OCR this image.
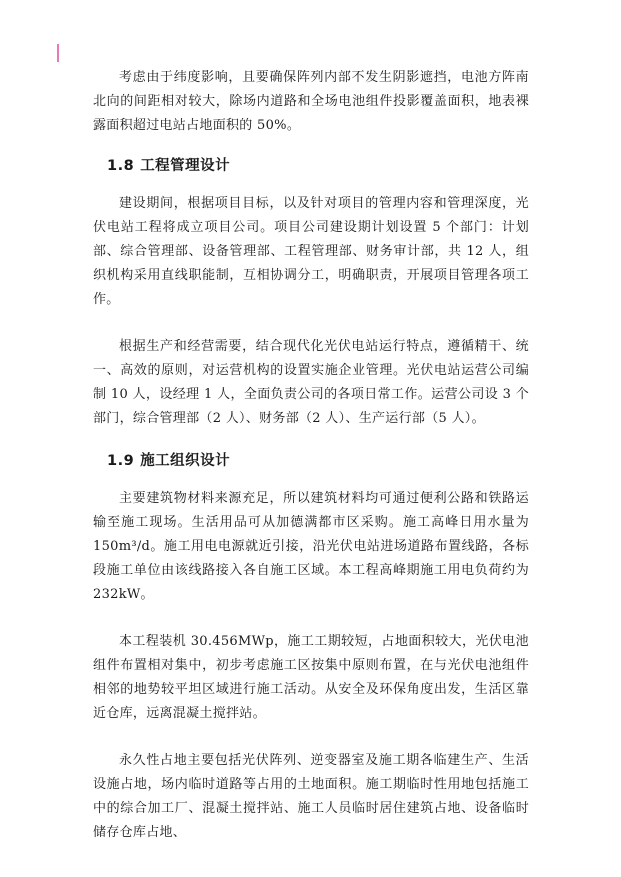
考虑由于纬度影响，且要确保阵列内部不发生阴影遮挡，电池方阵南北向的间距相对较大，除场内道路和全场电池组件投影覆盖面积，地表裸露面积超过电站占地面积的 50%。

1.8 工程管理设计

建设期间，根据项目目标，以及针对项目的管理内容和管理深度，光伏电站工程将成立项目公司。项目公司建设期计划设置 5 个部门：计划部、综合管理部、设备管理部、工程管理部、财务审计部，共 12 人，组织机构采用直线职能制，互相协调分工，明确职责，开展项目管理各项工作。

根据生产和经营需要，结合现代化光伏电站运行特点，遵循精干、统一、高效的原则，对运营机构的设置实施企业管理。光伏电站运营公司编制 10 人，设经理 1 人，全面负责公司的各项日常工作。运营公司设 3 个部门，综合管理部（2 人）、财务部（2 人）、生产运行部（5 人）。

1.9 施工组织设计

主要建筑物材料来源充足，所以建筑材料均可通过便利公路和铁路运输至施工现场。生活用品可从加德满都市区采购。施工高峰日用水量为 150m³/d。施工用电电源就近引接，沿光伏电站进场道路布置线路，各标段施工单位由该线路接入各自施工区域。本工程高峰期施工用电负荷约为 232kW。

本工程装机 30.456MWp，施工工期较短，占地面积较大，光伏电池组件布置相对集中，初步考虑施工区按集中原则布置，在与光伏电池组件相邻的地势较平坦区域进行施工活动。从安全及环保角度出发，生活区靠近仓库，远离混凝土搅拌站。

永久性占地主要包括光伏阵列、逆变器室及施工期各临建生产、生活设施占地，场内临时道路等占用的土地面积。施工期临时性用地包括施工中的综合加工厂、混凝土搅拌站、施工人员临时居住建筑占地、设备临时储存仓库占地、
